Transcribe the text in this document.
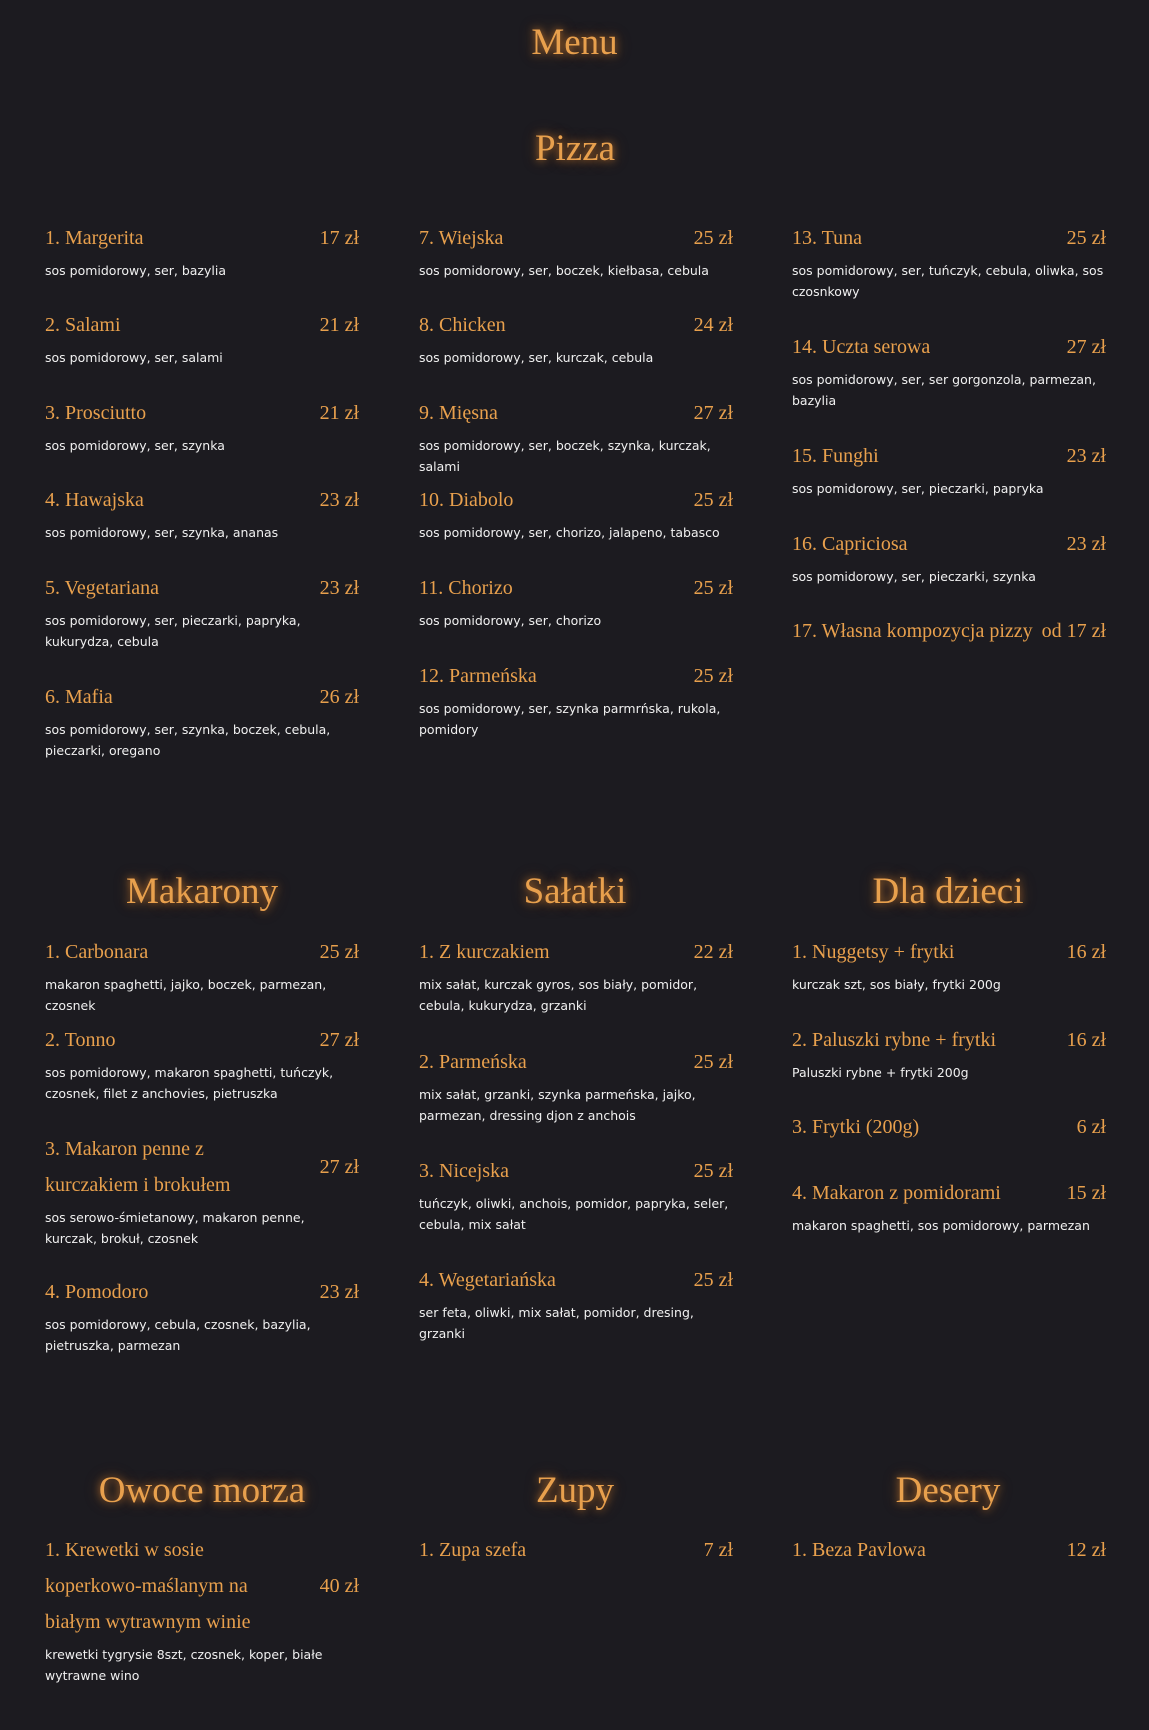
Menu
Pizza
1. Margerita	17 zł
sos pomidorowy, ser, bazylia
2. Salami	21 zł
sos pomidorowy, ser, salami
3. Prosciutto	21 zł
sos pomidorowy, ser, szynka
4. Hawajska	23 zł
sos pomidorowy, ser, szynka, ananas
5. Vegetariana	23 zł
sos pomidorowy, ser, pieczarki, papryka, kukurydza, cebula
6. Mafia	26 zł
sos pomidorowy, ser, szynka, boczek, cebula, pieczarki, oregano
7. Wiejska	25 zł
sos pomidorowy, ser, boczek, kiełbasa, cebula
8. Chicken	24 zł
sos pomidorowy, ser, kurczak, cebula
9. Mięsna	27 zł
sos pomidorowy, ser, boczek, szynka, kurczak, salami
10. Diabolo	25 zł
sos pomidorowy, ser, chorizo, jalapeno, tabasco
11. Chorizo	25 zł
sos pomidorowy, ser, chorizo
12. Parmeńska	25 zł
sos pomidorowy, ser, szynka parmrńska, rukola, pomidory
13. Tuna	25 zł
sos pomidorowy, ser, tuńczyk, cebula, oliwka, sos czosnkowy
14. Uczta serowa	27 zł
sos pomidorowy, ser, ser gorgonzola, parmezan, bazylia
15. Funghi	23 zł
sos pomidorowy, ser, pieczarki, papryka
16. Capriciosa	23 zł
sos pomidorowy, ser, pieczarki, szynka
17. Własna kompozycja pizzy od 17 zł
Makarony	Sałatki	Dla dzieci
1. Carbonara	25 zł
makaron spaghetti, jajko, boczek, parmezan, czosnek
2. Tonno	27 zł
sos pomidorowy, makaron spaghetti, tuńczyk, czosnek, filet z anchovies, pietruszka
3. Makaron penne z kurczakiem i brokułem
27 zł
sos serowo-śmietanowy, makaron penne, kurczak, brokuł, czosnek
4. Pomodoro	23 zł
sos pomidorowy, cebula, czosnek, bazylia, pietruszka, parmezan
1. Z kurczakiem	22 zł
mix sałat, kurczak gyros, sos biały, pomidor, cebula, kukurydza, grzanki
2. Parmeńska	25 zł
mix sałat, grzanki, szynka parmeńska, jajko, parmezan, dressing djon z anchois
3. Nicejska	25 zł
tuńczyk, oliwki, anchois, pomidor, papryka, seler, cebula, mix sałat
4. Wegetariańska	25 zł
ser feta, oliwki, mix sałat, pomidor, dresing, grzanki
1. Nuggetsy + frytki	16 zł
kurczak szt, sos biały, frytki 200g
2. Paluszki rybne + frytki	16 zł
Paluszki rybne + frytki 200g
3. Frytki (200g)	6 zł
4. Makaron z pomidorami	15 zł
makaron spaghetti, sos pomidorowy, parmezan
Owoce morza	Zupy	Desery
1. Krewetki w sosie koperkowo-maślanym na białym wytrawnym winie
40 zł
krewetki tygrysie 8szt, czosnek, koper, białe wytrawne wino
1. Zupa szefa	7 zł	1. Beza Pavlowa	12 zł
